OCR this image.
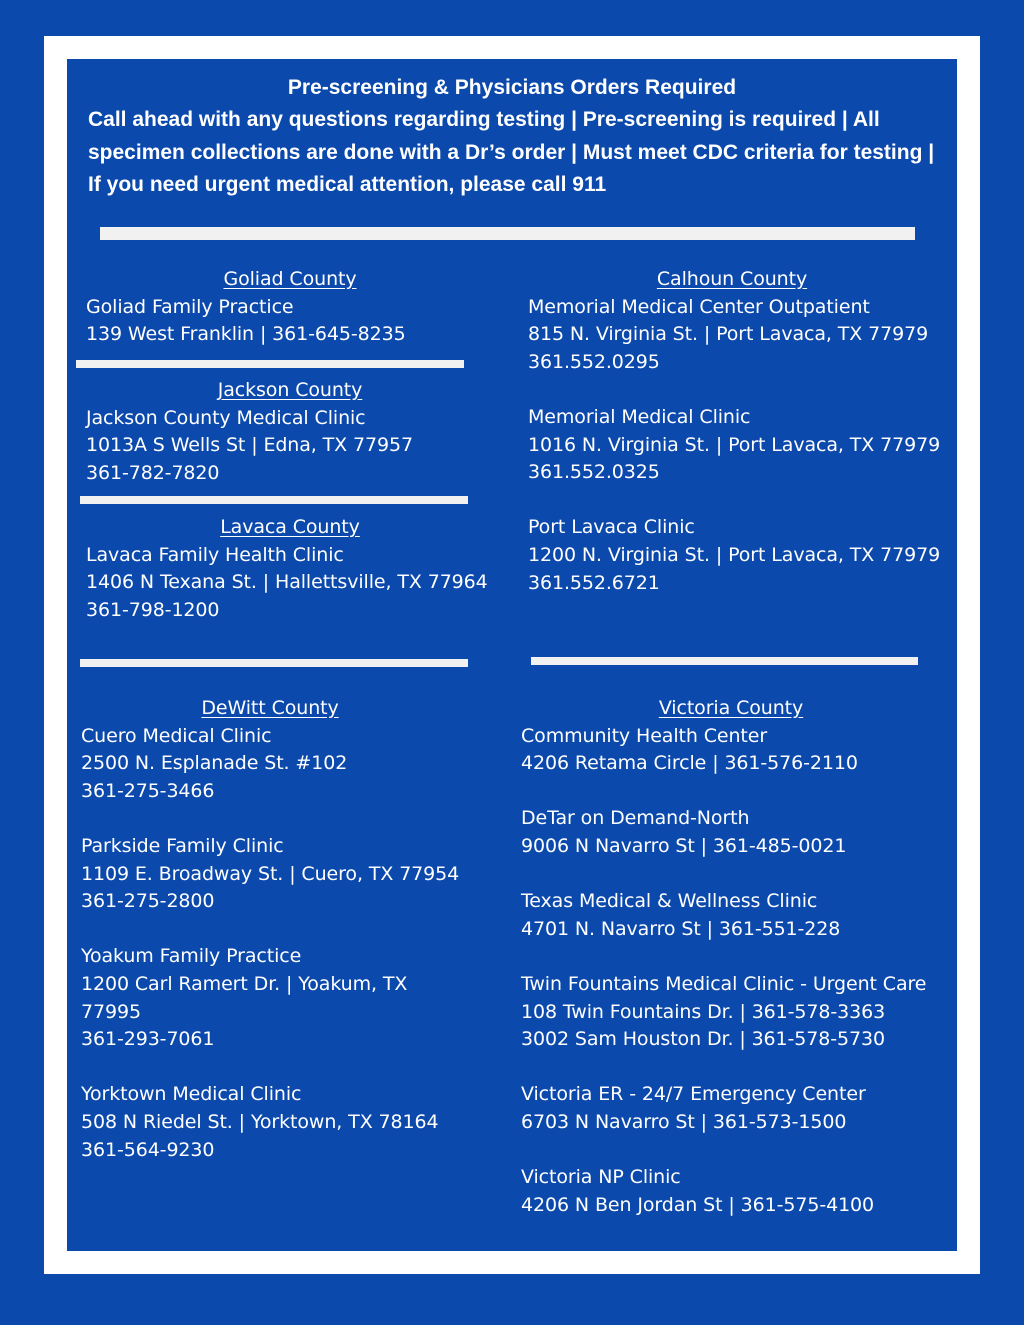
Pre-screening & Physicians Orders Required
Call ahead with any questions regarding testing | Pre-screening is required | All specimen collections are done with a Dr’s order | Must meet CDC criteria for testing | If you need urgent medical attention, please call 911
Goliad County
Goliad Family Practice
139 West Franklin | 361-645-8235
Jackson County
Jackson County Medical Clinic
1013A S Wells St | Edna, TX 77957
361-782-7820
Lavaca County
Lavaca Family Health Clinic
1406 N Texana St. | Hallettsville, TX 77964
361-798-1200
Calhoun County
Memorial Medical Center Outpatient
815 N. Virginia St. | Port Lavaca, TX 77979
361.552.0295
Memorial Medical Clinic
1016 N. Virginia St. | Port Lavaca, TX 77979
361.552.0325
Port Lavaca Clinic
1200 N. Virginia St. | Port Lavaca, TX 77979
361.552.6721
DeWitt County
Cuero Medical Clinic
2500 N. Esplanade St. #102
361-275-3466
Parkside Family Clinic
1109 E. Broadway St. | Cuero, TX 77954
361-275-2800
Yoakum Family Practice
1200 Carl Ramert Dr. | Yoakum, TX
77995
361-293-7061
Yorktown Medical Clinic
508 N Riedel St. | Yorktown, TX 78164
361-564-9230
Victoria County
Community Health Center
4206 Retama Circle | 361-576-2110
DeTar on Demand-North
9006 N Navarro St | 361-485-0021
Texas Medical & Wellness Clinic
4701 N. Navarro St | 361-551-228
Twin Fountains Medical Clinic - Urgent Care
108 Twin Fountains Dr. | 361-578-3363
3002 Sam Houston Dr. | 361-578-5730
Victoria ER - 24/7 Emergency Center
6703 N Navarro St | 361-573-1500
Victoria NP Clinic
4206 N Ben Jordan St | 361-575-4100
